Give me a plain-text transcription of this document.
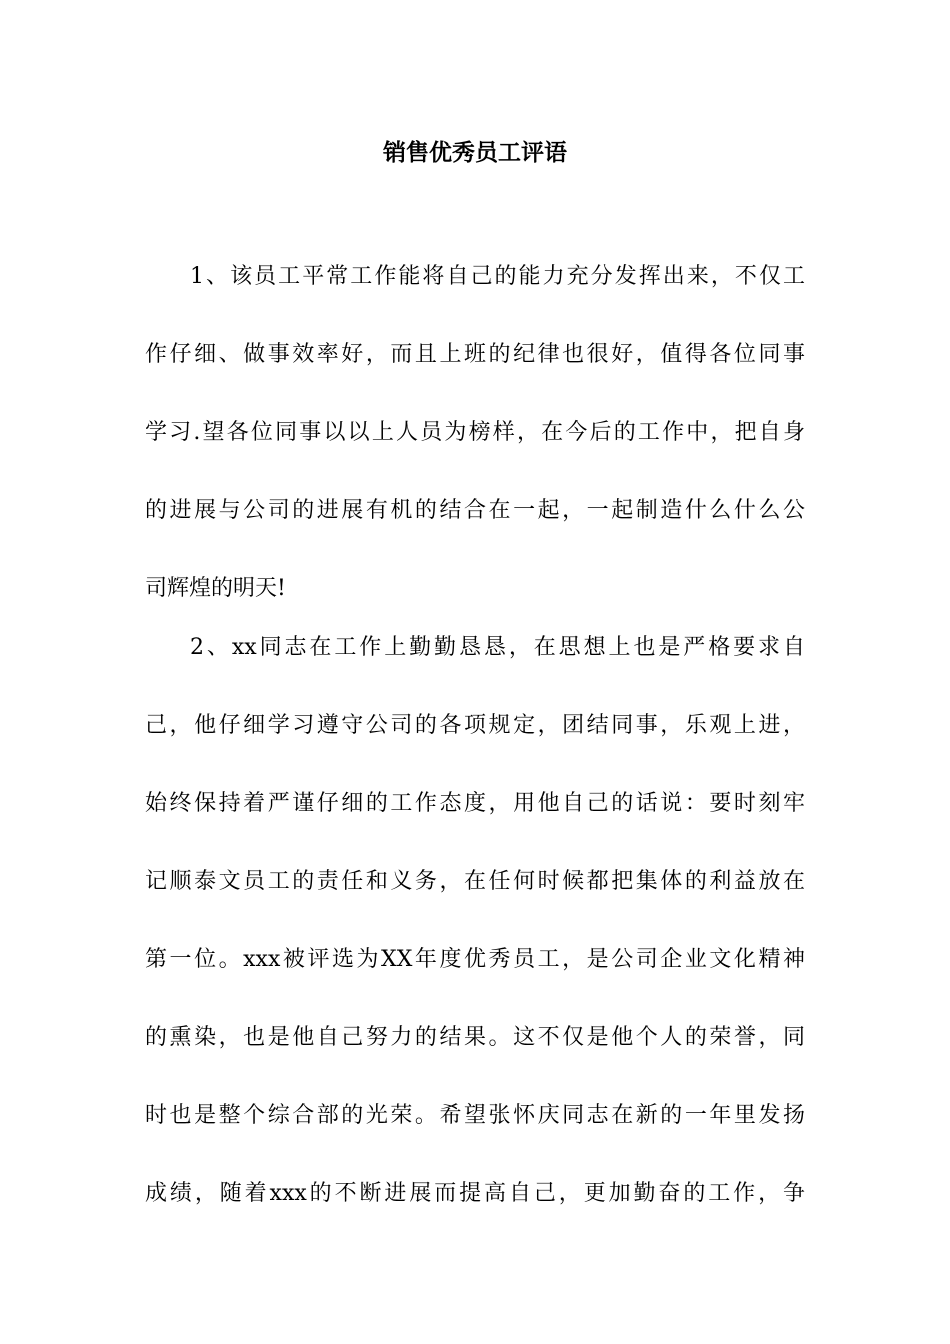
销售优秀员工评语
1、该员工平常工作能将自己的能力充分发挥出来，不仅工
作仔细、做事效率好，而且上班的纪律也很好，值得各位同事
学习.望各位同事以以上人员为榜样，在今后的工作中，把自身
的进展与公司的进展有机的结合在一起，一起制造什么什么公
司辉煌的明天!
2、xx同志在工作上勤勤恳恳，在思想上也是严格要求自
己，他仔细学习遵守公司的各项规定，团结同事，乐观上进，
始终保持着严谨仔细的工作态度，用他自己的话说：要时刻牢
记顺泰文员工的责任和义务，在任何时候都把集体的利益放在
第一位。xxx被评选为XX年度优秀员工，是公司企业文化精神
的熏染，也是他自己努力的结果。这不仅是他个人的荣誉，同
时也是整个综合部的光荣。希望张怀庆同志在新的一年里发扬
成绩，随着xxx的不断进展而提高自己，更加勤奋的工作，争
